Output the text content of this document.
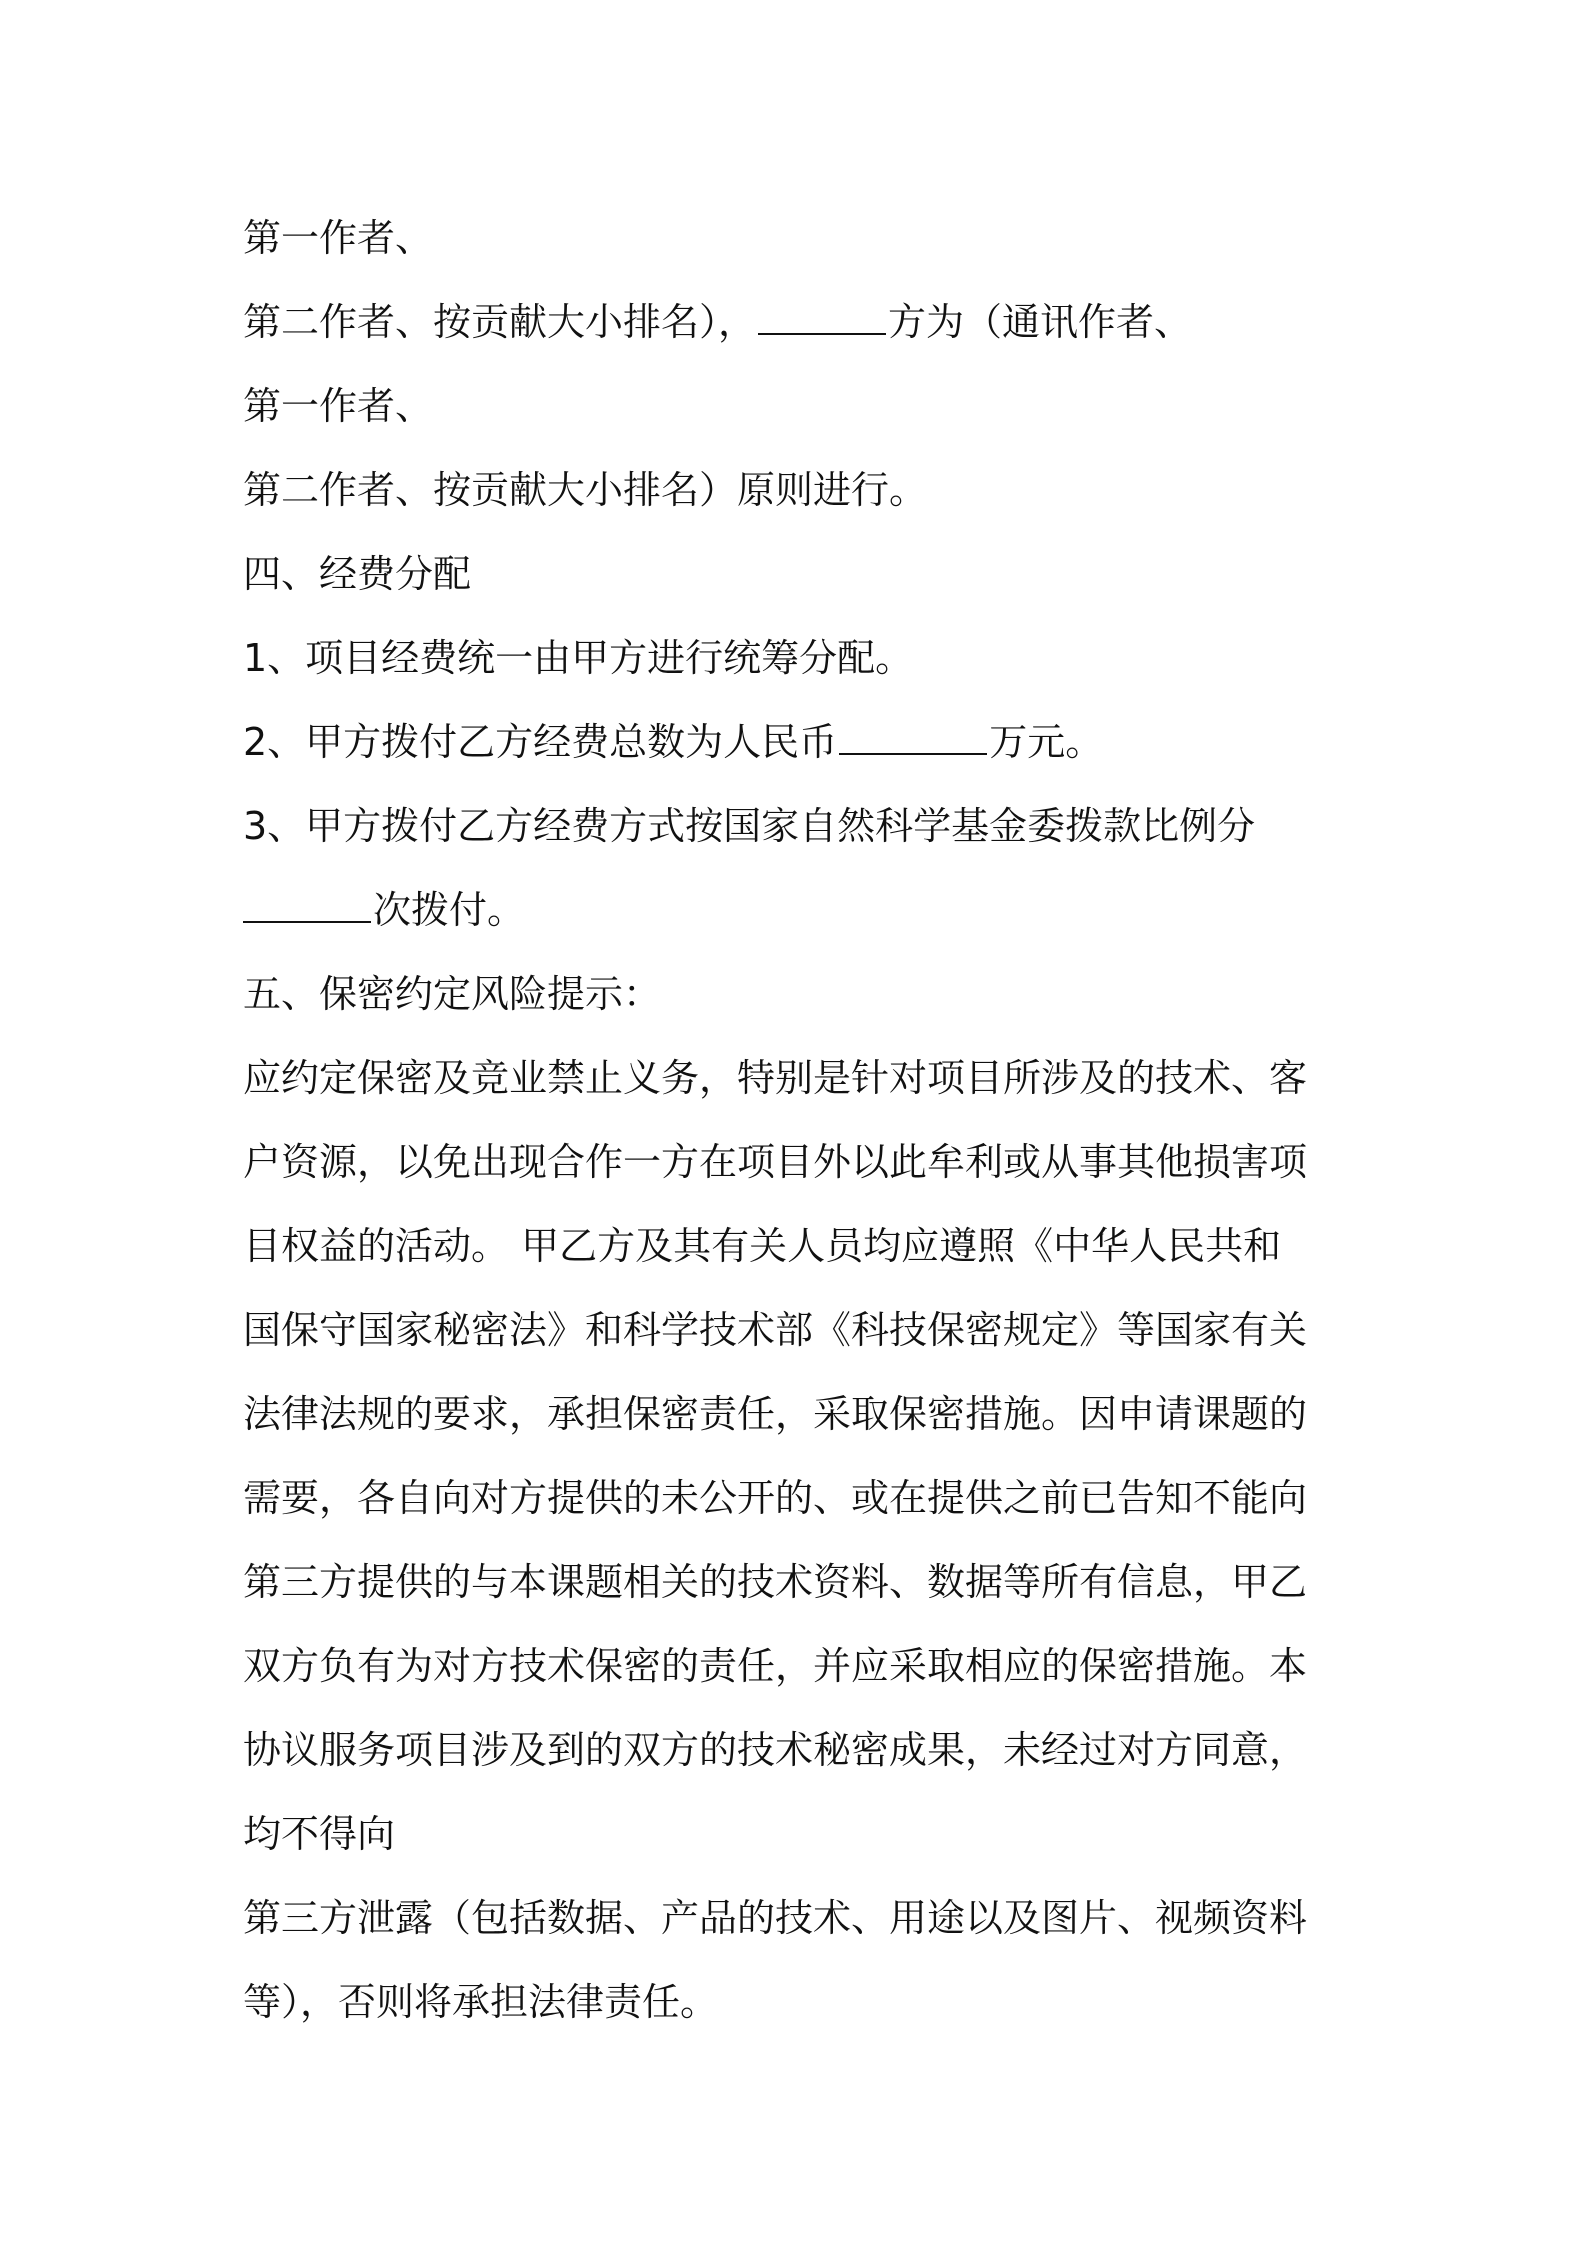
第一作者、
第二作者、按贡献大小排名），	方为（通讯作者、
第一作者、
第二作者、按贡献大小排名）原则进行。
四、经费分配
1、项目经费统一由甲方进行统筹分配。
2、甲方拨付乙方经费总数为人民币	万元。
3、甲方拨付乙方经费方式按国家自然科学基金委拨款比例分
次拨付。
五、保密约定风险提示：
应约定保密及竞业禁止义务，特别是针对项目所涉及的技术、客
户资源，以免出现合作一方在项目外以此牟利或从事其他损害项
目权益的活动。 甲乙方及其有关人员均应遵照《中华人民共和
国保守国家秘密法》和科学技术部《科技保密规定》等国家有关
法律法规的要求，承担保密责任，采取保密措施。因申请课题的
需要，各自向对方提供的未公开的、或在提供之前已告知不能向
第三方提供的与本课题相关的技术资料、数据等所有信息，甲乙
双方负有为对方技术保密的责任，并应采取相应的保密措施。本
协议服务项目涉及到的双方的技术秘密成果，未经过对方同意，
均不得向
第三方泄露（包括数据、产品的技术、用途以及图片、视频资料
等），否则将承担法律责任。
